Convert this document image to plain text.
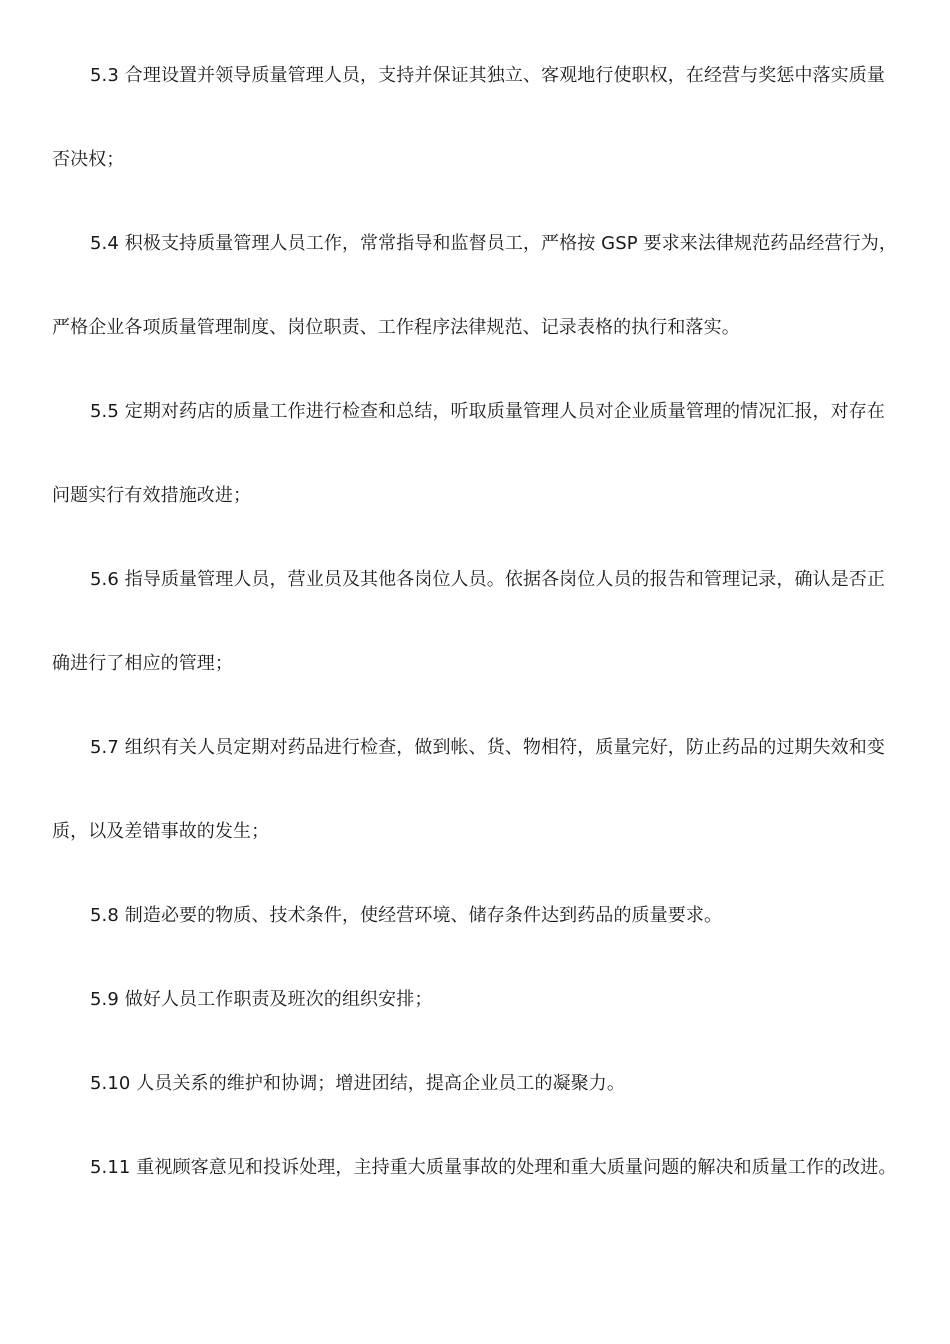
5.3 合理设置并领导质量管理人员，支持并保证其独立、客观地行使职权，在经营与奖惩中落实质量否决权；

5.4 积极支持质量管理人员工作，常常指导和监督员工，严格按 GSP 要求来法律规范药品经营行为，严格企业各项质量管理制度、岗位职责、工作程序法律规范、记录表格的执行和落实。

5.5 定期对药店的质量工作进行检查和总结，听取质量管理人员对企业质量管理的情况汇报，对存在问题实行有效措施改进；

5.6 指导质量管理人员，营业员及其他各岗位人员。依据各岗位人员的报告和管理记录，确认是否正确进行了相应的管理；

5.7 组织有关人员定期对药品进行检查，做到帐、货、物相符，质量完好，防止药品的过期失效和变质，以及差错事故的发生；

5.8 制造必要的物质、技术条件，使经营环境、储存条件达到药品的质量要求。

5.9 做好人员工作职责及班次的组织安排；

5.10 人员关系的维护和协调；增进团结，提高企业员工的凝聚力。

5.11 重视顾客意见和投诉处理，主持重大质量事故的处理和重大质量问题的解决和质量工作的改进。
